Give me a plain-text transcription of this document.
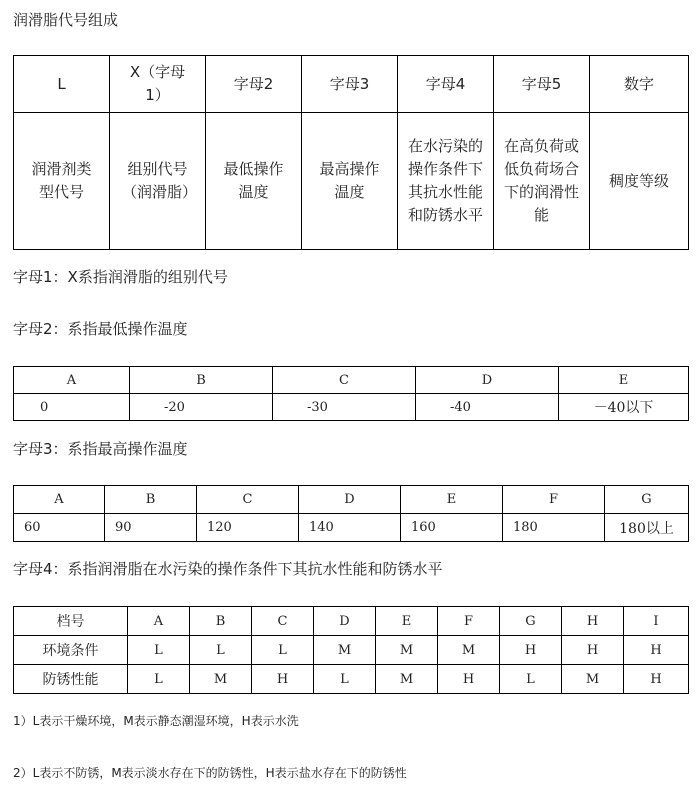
润滑脂代号组成
L	X（字母1）	字母2	字母3	字母4	字母5	数字
润滑剂类型代号	组别代号（润滑脂）	最低操作温度	最高操作温度	在水污染的操作条件下其抗水性能和防锈水平	在高负荷或低负荷场合下的润滑性能	稠度等级
字母1：X系指润滑脂的组别代号
字母2：系指最低操作温度
A	B	C	D	E
0	-20	-30	-40	－40以下
字母3：系指最高操作温度
A	B	C	D	E	F	G
60	90	120	140	160	180	180以上
字母4：系指润滑脂在水污染的操作条件下其抗水性能和防锈水平
档号	A	B	C	D	E	F	G	H	I
环境条件	L	L	L	M	M	M	H	H	H
防锈性能	L	M	H	L	M	H	L	M	H
1）L表示干燥环境，M表示静态潮湿环境，H表示水洗
2）L表示不防锈，M表示淡水存在下的防锈性，H表示盐水存在下的防锈性
